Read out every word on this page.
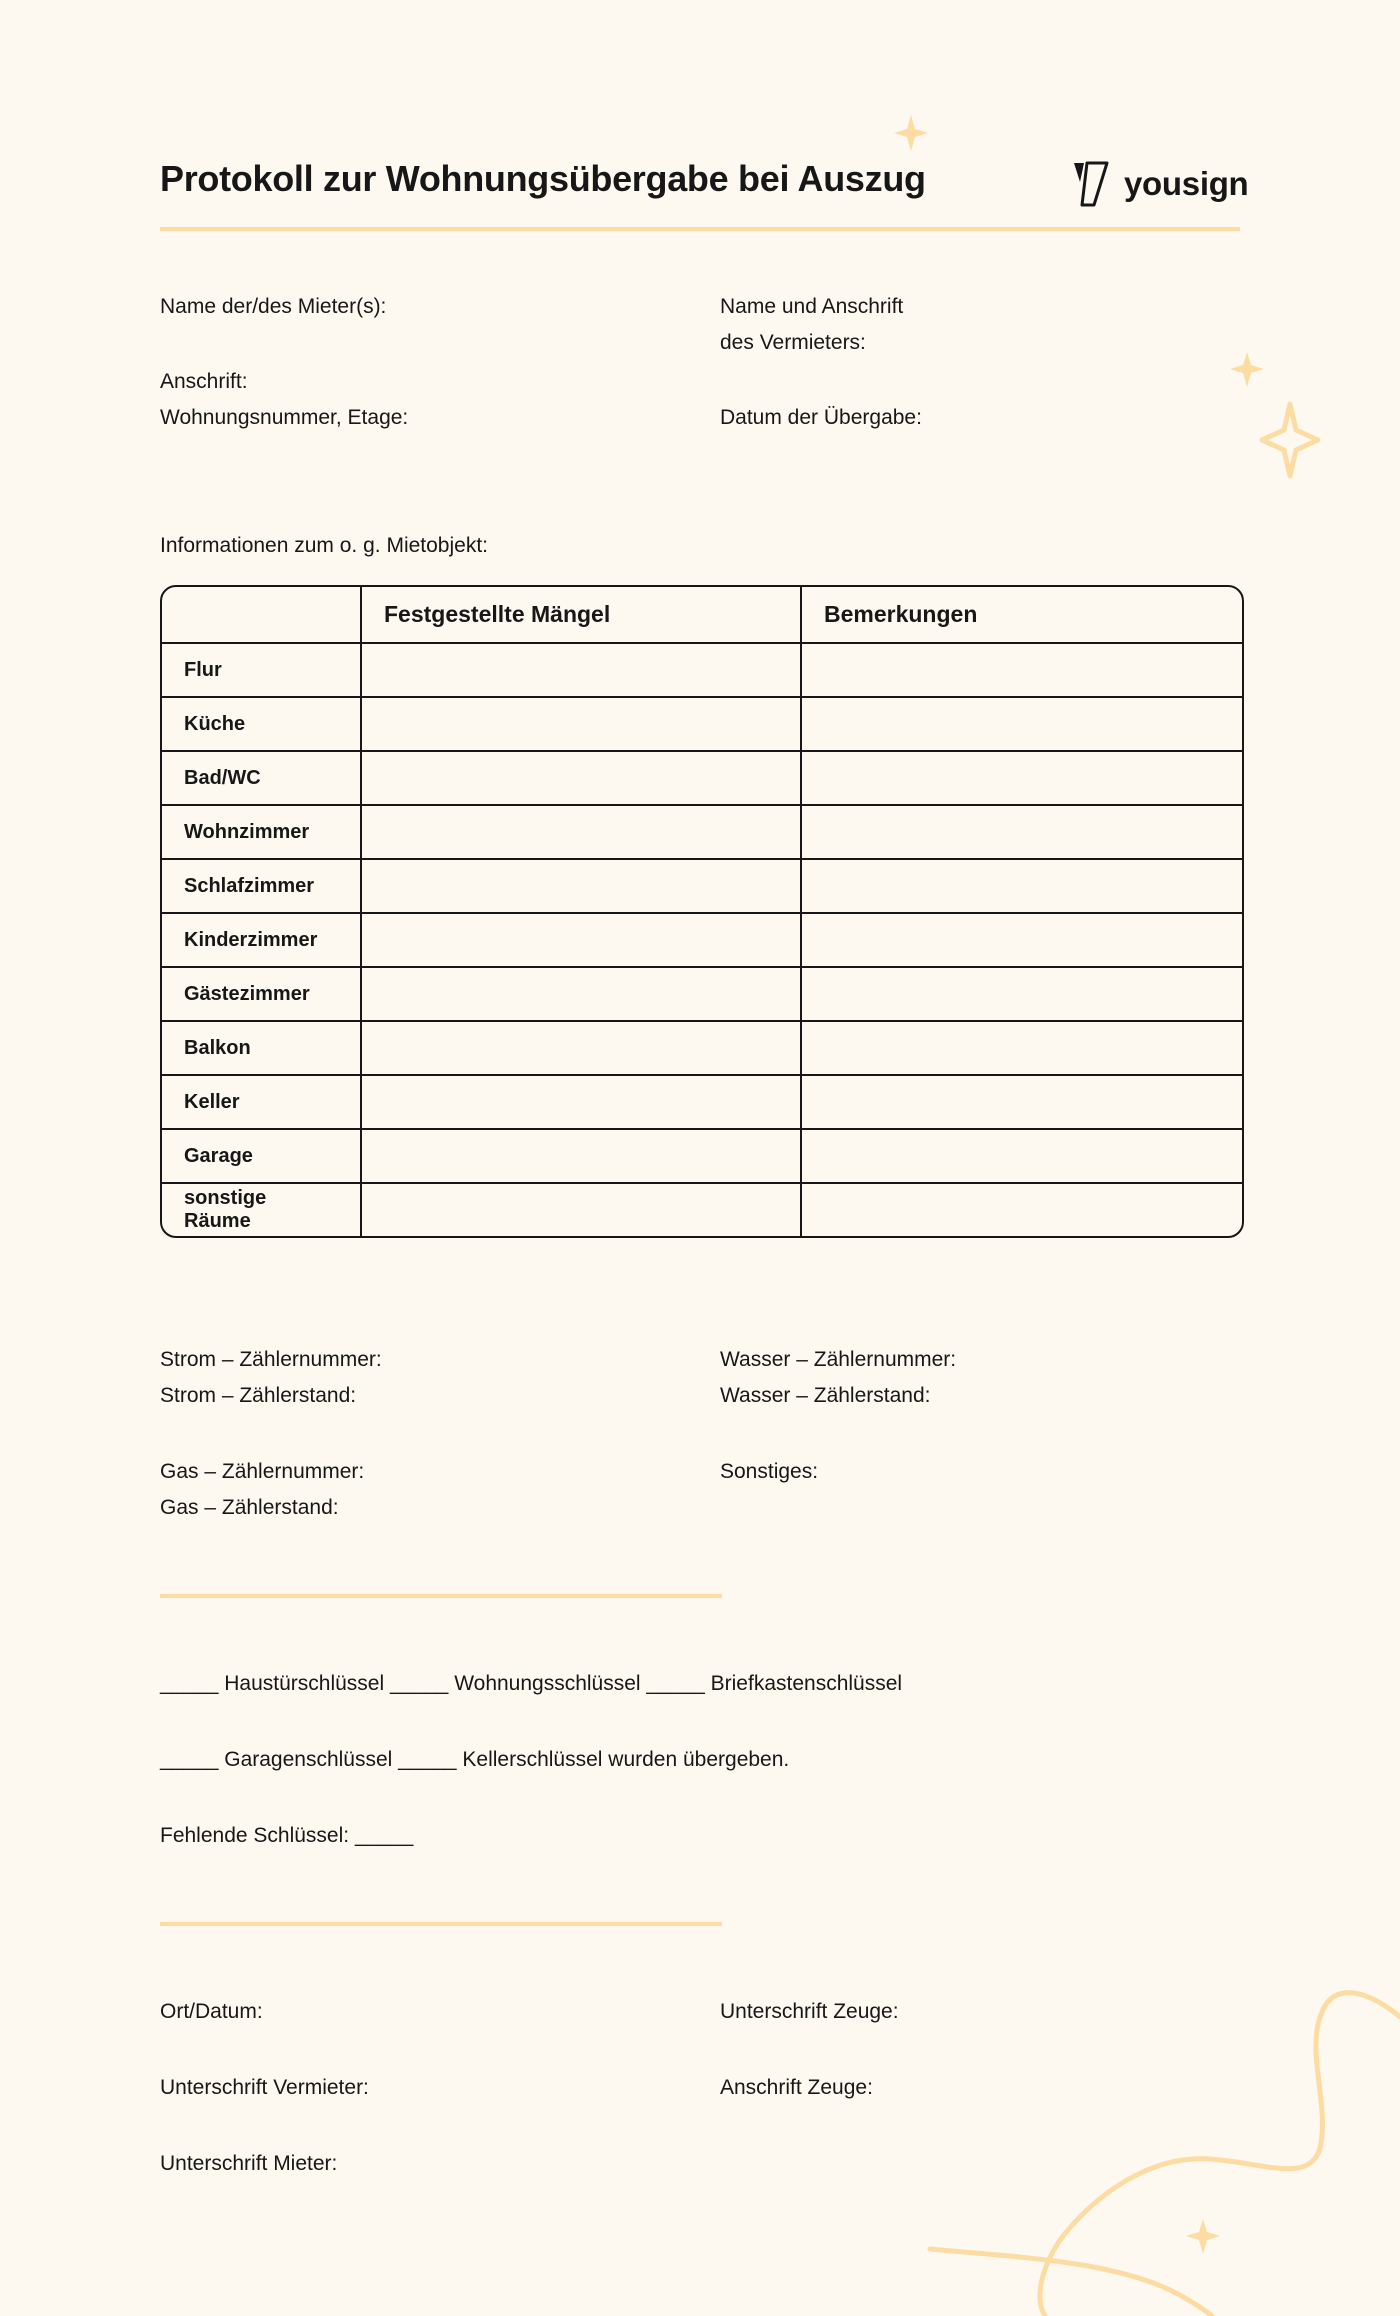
Protokoll zur Wohnungsübergabe bei Auszug	yousign
Name der/des Mieter(s):	Name und Anschrift
des Vermieters:
Anschrift:
Wohnungsnummer, Etage:	Datum der Übergabe:
Informationen zum o. g. Mietobjekt:
	Festgestellte Mängel	Bemerkungen
Flur		
Küche		
Bad/WC		
Wohnzimmer		
Schlafzimmer		
Kinderzimmer		
Gästezimmer		
Balkon		
Keller		
Garage		
sonstige Räume		
Strom – Zählernummer:	Wasser – Zählernummer:
Strom – Zählerstand:	Wasser – Zählerstand:
Gas – Zählernummer:	Sonstiges:
Gas – Zählerstand:
_____ Haustürschlüssel _____ Wohnungsschlüssel _____ Briefkastenschlüssel
_____ Garagenschlüssel _____ Kellerschlüssel wurden übergeben.
Fehlende Schlüssel: _____
Ort/Datum:	Unterschrift Zeuge:
Unterschrift Vermieter:	Anschrift Zeuge:
Unterschrift Mieter:
